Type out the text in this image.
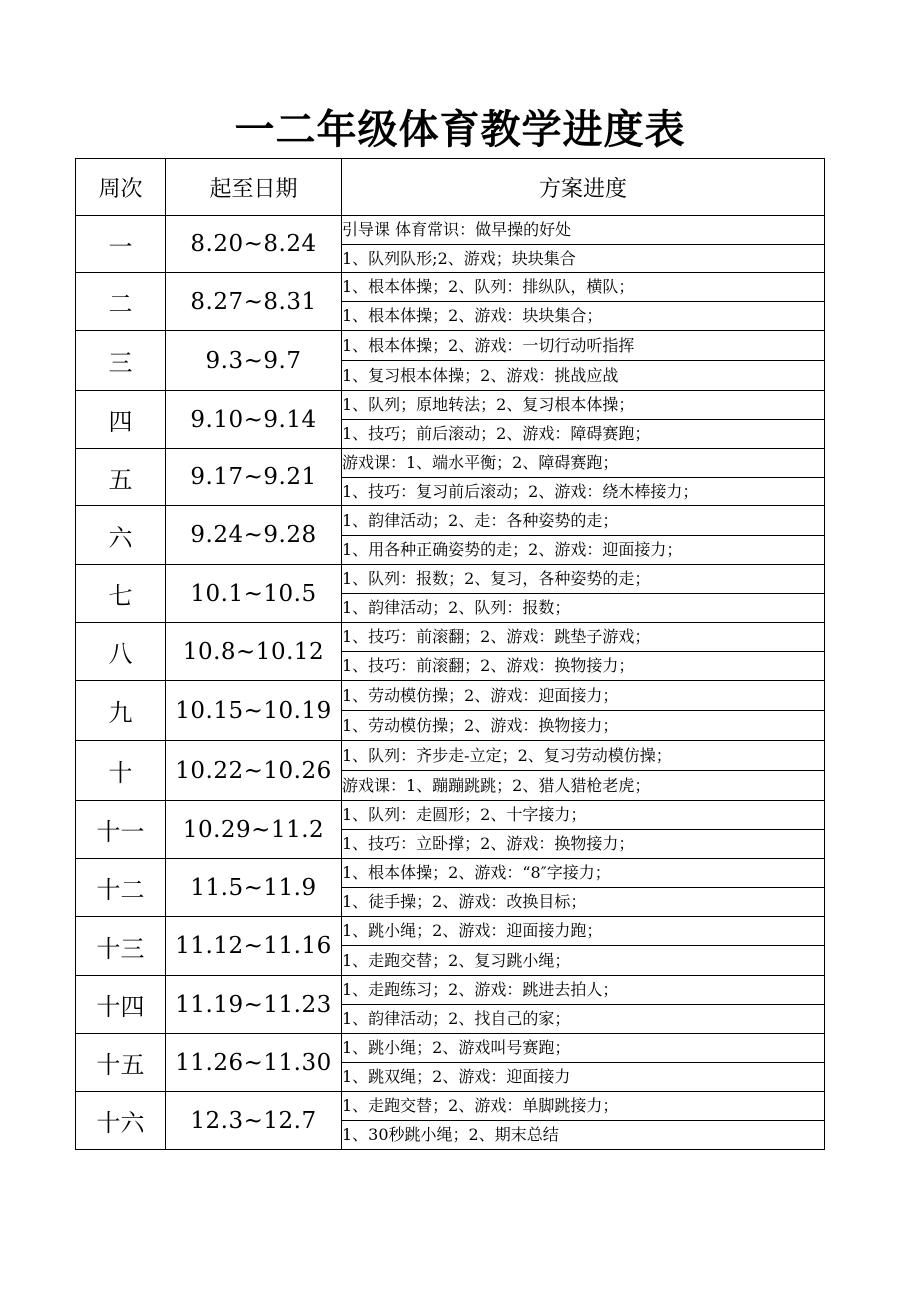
一二年级体育教学进度表
周次	起至日期	方案进度
一	8.20~8.24	引导课 体育常识：做早操的好处
		1、队列队形;2、游戏；块块集合
二	8.27~8.31	1、根本体操；2、队列：排纵队，横队；
		1、根本体操；2、游戏：块块集合；
三	9.3~9.7	1、根本体操；2、游戏：一切行动听指挥
		1、复习根本体操；2、游戏：挑战应战
四	9.10~9.14	1、队列；原地转法；2、复习根本体操；
		1、技巧；前后滚动；2、游戏：障碍赛跑；
五	9.17~9.21	游戏课：1、端水平衡；2、障碍赛跑；
		1、技巧：复习前后滚动；2、游戏：绕木棒接力；
六	9.24~9.28	1、韵律活动；2、走：各种姿势的走；
		1、用各种正确姿势的走；2、游戏：迎面接力；
七	10.1~10.5	1、队列：报数；2、复习，各种姿势的走；
		1、韵律活动；2、队列：报数；
八	10.8~10.12	1、技巧：前滚翻；2、游戏：跳垫子游戏；
		1、技巧：前滚翻；2、游戏：换物接力；
九	10.15~10.19	1、劳动模仿操；2、游戏：迎面接力；
		1、劳动模仿操；2、游戏：换物接力；
十	10.22~10.26	1、队列：齐步走-立定；2、复习劳动模仿操；
		游戏课：1、蹦蹦跳跳；2、猎人猎枪老虎；
十一	10.29~11.2	1、队列：走圆形；2、十字接力；
		1、技巧：立卧撑；2、游戏：换物接力；
十二	11.5~11.9	1、根本体操；2、游戏：“8″字接力；
		1、徒手操；2、游戏：改换目标；
十三	11.12~11.16	1、跳小绳；2、游戏：迎面接力跑；
		1、走跑交替；2、复习跳小绳；
十四	11.19~11.23	1、走跑练习；2、游戏：跳进去拍人；
		1、韵律活动；2、找自己的家；
十五	11.26~11.30	1、跳小绳；2、游戏叫号赛跑；
		1、跳双绳；2、游戏：迎面接力
十六	12.3~12.7	1、走跑交替；2、游戏：单脚跳接力；
		1、30秒跳小绳；2、期末总结
